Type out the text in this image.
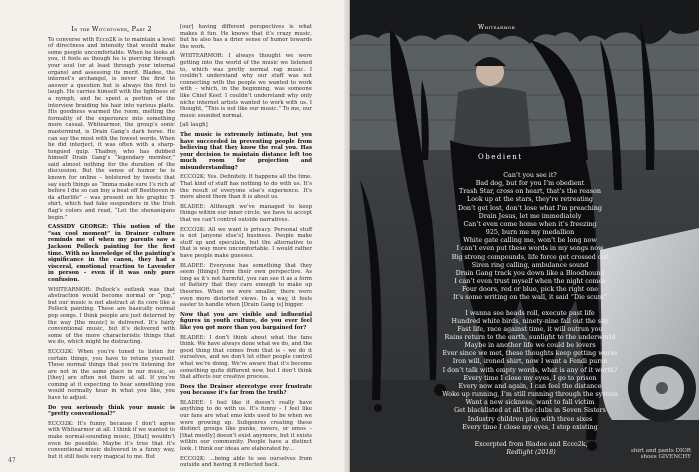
In the Witchtower, Part 2

To converse with Ecco2K is to maintain a level of directness and intensity that would make some people uncomfortable. When he looks at you, it feels as though he is piercing through your soul (or at least through your internal organs) and assessing its merit. Bladee, the internet’s archangel, is never the first to answer a question but is always the first to laugh. He carries himself with the lightness of a nymph, and he spent a portion of the interview braiding his hair into various plaits. His goodness warmed the room, melting the formality of the experience into something more casual. Whitearmor, the group’s sonic mastermind, is Drain Gang’s dark horse. He can say the most with the fewest words. When he did interject, it was often with a sharp-tongued quip. Thaiboy, who has dubbed himself Drain Gang’s “legendary member,” said almost nothing for the duration of the discussion. But the sense of humor he is known for online – bolstered by tweets that say such things as “Imma make sure I’s rich af before I die so can buy a beat off Beethoven in da afterlife” – was present on his graphic T-shirt, which had fake suspenders in the Irish flag’s colors and read, “Let the shenanigans begin.”

CASSIDY GEORGE: This notion of the “sax cool moment” in Drainer culture reminds me of when my parents saw a Jackson Pollock painting for the first time. With no knowledge of the painting’s significance in the canon, they had a visceral, emotional reaction to Lavender in person – even if it was only pure confusion.

WHITEARMOR: Pollock’s outlook was that abstraction would become normal or “pop,” but our music is not abstract at its core like a Pollock painting. These are basically normal pop songs. I think people are just deterred by the way [the music] is delivered. It’s fairly conventional music, but it’s delivered with some of the more characteristic things that we do, which might be distracting.

ECCO2K: When you’re tuned to listen for certain things, you have to retune yourself. Those normal things that you’re listening for are not in the same place in our music, so [they] are often not there at all. If you’re coming at it expecting to hear something you would normally hear in what you like, you have to adjust.

Do you seriously think your music is “pretty conventional?”

ECCO2K: It’s funny, because I don’t agree with Whitearmor at all. I think if we wanted to make normal-sounding music, [that] wouldn’t even be possible. Maybe it’s true that it’s conventional music delivered in a funny way, but it still feels very magical to me. But

[our] having different perspectives is what makes it fun. He knows that it’s crazy music, but he also has a drier sense of humor towards the work.

WHITEARMOR: I always thought we were getting into the world of the music we listened to, which was pretty normal rap music. I couldn’t understand why our stuff was not connecting with the people we wanted to work with – which, in the beginning, was someone like Chief Keef. I couldn’t understand why only niche internet artists wanted to work with us. I thought, “This is not like our music.” To me, our music sounded normal.

[all laugh]

The music is extremely intimate, but you have succeeded in preventing people from believing that they know the real you. Has your decision to maintain distance left too much room for projection and misunderstanding?

ECCO2K: Yes. Definitely. It happens all the time. That kind of stuff has nothing to do with us. It’s the result of everyone else’s experience. It’s more about them than it is about us.

BLADEE: Although we’ve managed to keep things within our inner circle, we have to accept that we can’t control outside narratives.

ECCO2K: All we want is privacy. Personal stuff is not [anyone else’s] business. People make stuff up and speculate, but the alternative to that is way more uncomfortable. I would rather have people make guesses.

BLADEE: Everyone has something that they seem [things] from their own perspective. As long as it’s not harmful, you can see it as a form of flattery that they care enough to make up theories. When we were smaller, there were even more distorted views. In a way, it feels easier to handle when [Drain Gang is] bigger.

Now that you are visible and influential figures in youth culture, do you ever feel like you got more than you bargained for?

BLADEE: I don’t think about what the fans think. We have always done what we do, and the good thing that comes from that is – we do it ourselves, and we don’t let other people control what we’re doing. We’re aware that it’s become something quite different now, but I don’t think that affects our creative process.

Does the Drainer stereotype ever frustrate you because it’s far from the truth?

BLADEE: I feel like it doesn’t really have anything to do with us. It’s funny – I feel like our fans are what emo kids used to be when we were growing up. Subgenres creating these distinct groups like punks, ravers, or emos – [that mostly] doesn’t exist anymore, but it exists within our community. People have a distinct look. I think our ideas are elaborated by…

ECCO2K: …being able to see ourselves from outside and having it reflected back.

47
Whitearmor
Obedient
Can’t you see it?
Bad dog, but for you I’m obedient
Trash Star, cross on heart, that’s the reason
Look up at the stars, they’re retreating
Don’t get lost, don’t lose what I’m preaching
Drain Jesus, let me immediately
Can’t even come home when it’s freezing
925, burn me my medallion
White gate calling me, won’t be long now
I can’t even put these words in my songs now
Big strong compounds, life force get crossed out
Siren ring calling, ambulance sound
Drain Gang track you down like a Bloodhound
I can’t even trust myself when the night comes
Four doors, red or blue, pick the right one
It’s some writing on the wall, it said “Die scum”
I wanna see heads roll, execute past life
Hundred white birds, ninety-nine fall out the sky
Fast life, race against time, it will outrun you
Rains return to the earth, sunlight to the underworld
Maybe in another life we could be lovers
Ever since we met, these thoughts keep getting worse
Iron will, ironed shirt, now I want a Fendi purse
I don’t talk with empty words, what is any of it worth?
Every time I close my eyes, I go to prison
Every now and again, I can feel the distance
Woke up running, I’m still running through the system
Want a new sickness, want to fall victim
Get blacklisted at all the clubs in Seven Sisters
Industry children play with three sixes
Every time I close my eyes, I stop existing
Excerpted from Bladee and Ecco2k,
Redlight (2018)	shirt and pants DIOR
shoes GIVENCHY
